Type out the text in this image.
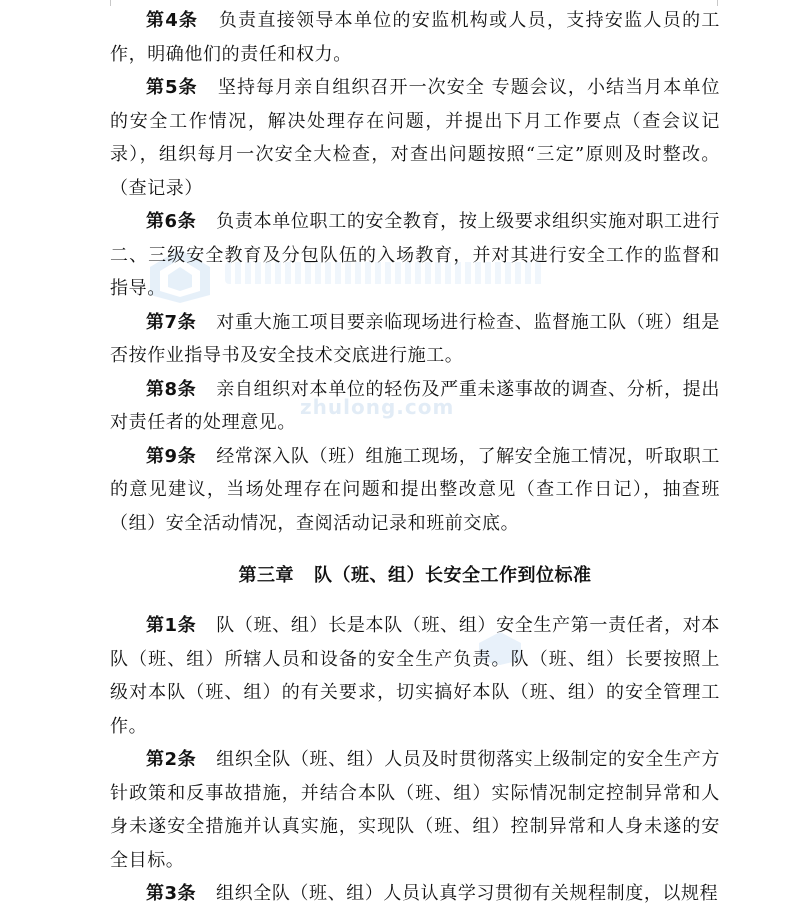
zhulong.com

第4条 负责直接领导本单位的安监机构或人员，支持安监人员的工作，明确他们的责任和权力。

第5条 坚持每月亲自组织召开一次安全 专题会议，小结当月本单位的安全工作情况，解决处理存在问题，并提出下月工作要点（查会议记录），组织每月一次安全大检查，对查出问题按照“三定”原则及时整改。（查记录）

第6条 负责本单位职工的安全教育，按上级要求组织实施对职工进行二、三级安全教育及分包队伍的入场教育，并对其进行安全工作的监督和指导。

第7条 对重大施工项目要亲临现场进行检查、监督施工队（班）组是否按作业指导书及安全技术交底进行施工。

第8条 亲自组织对本单位的轻伤及严重未遂事故的调查、分析，提出对责任者的处理意见。

第9条 经常深入队（班）组施工现场，了解安全施工情况，听取职工的意见建议，当场处理存在问题和提出整改意见（查工作日记），抽查班（组）安全活动情况，查阅活动记录和班前交底。

第三章 队（班、组）长安全工作到位标准

第1条 队（班、组）长是本队（班、组）安全生产第一责任者，对本队（班、组）所辖人员和设备的安全生产负责。队（班、组）长要按照上级对本队（班、组）的有关要求，切实搞好本队（班、组）的安全管理工作。

第2条 组织全队（班、组）人员及时贯彻落实上级制定的安全生产方针政策和反事故措施，并结合本队（班、组）实际情况制定控制异常和人身未遂安全措施并认真实施，实现队（班、组）控制异常和人身未遂的安全目标。

第3条 组织全队（班、组）人员认真学习贯彻有关规程制度，以规程
